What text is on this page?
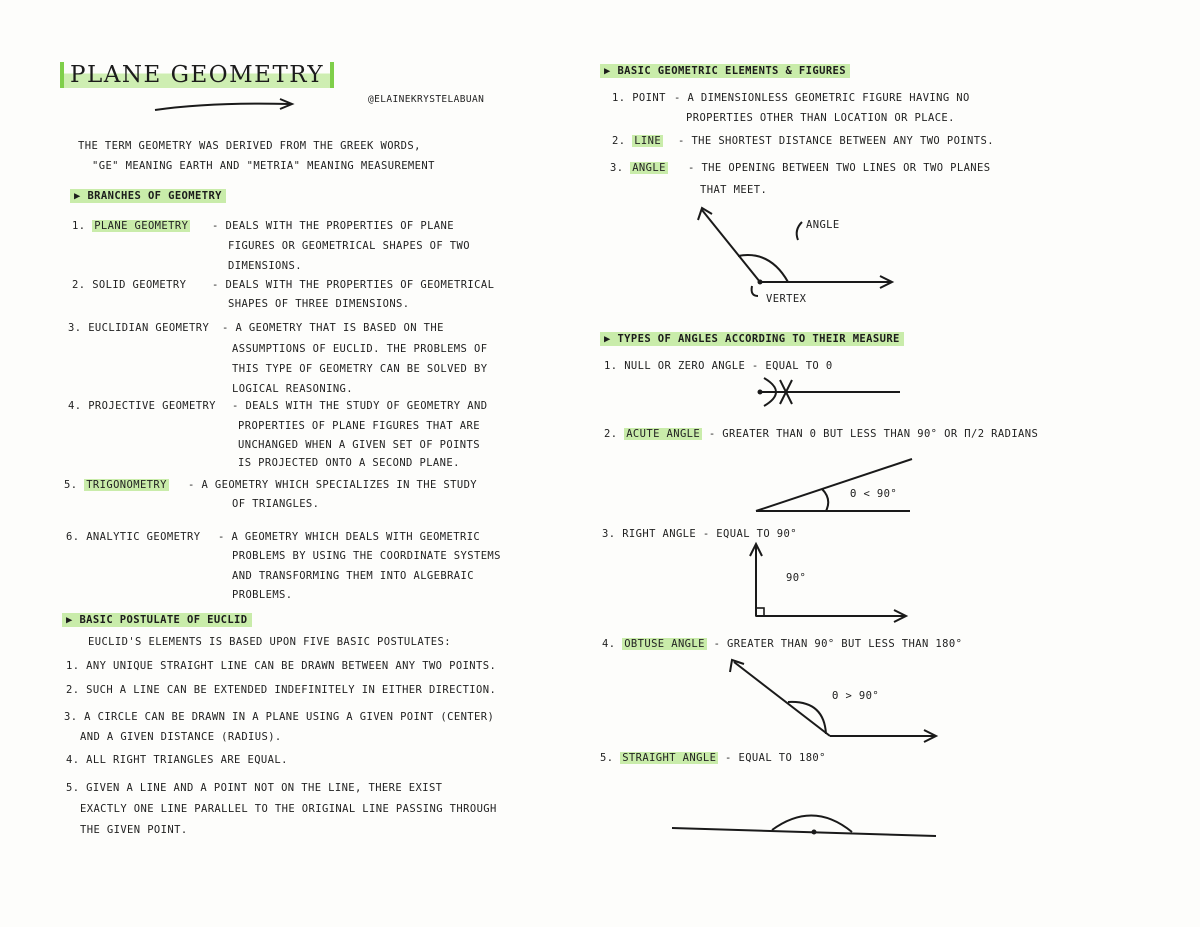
PLANE GEOMETRY
@ELAINEKRYSTELABUAN
THE TERM GEOMETRY WAS DERIVED FROM THE GREEK WORDS,
"GE" MEANING EARTH AND "METRIA" MEANING MEASUREMENT
▶ BRANCHES OF GEOMETRY
1. PLANE GEOMETRY - DEALS WITH THE PROPERTIES OF PLANE
FIGURES OR GEOMETRICAL SHAPES OF TWO
DIMENSIONS.
2. SOLID GEOMETRY - DEALS WITH THE PROPERTIES OF GEOMETRICAL
SHAPES OF THREE DIMENSIONS.
3. EUCLIDIAN GEOMETRY - A GEOMETRY THAT IS BASED ON THE
ASSUMPTIONS OF EUCLID. THE PROBLEMS OF
THIS TYPE OF GEOMETRY CAN BE SOLVED BY
LOGICAL REASONING.
4. PROJECTIVE GEOMETRY - DEALS WITH THE STUDY OF GEOMETRY AND
PROPERTIES OF PLANE FIGURES THAT ARE
UNCHANGED WHEN A GIVEN SET OF POINTS
IS PROJECTED ONTO A SECOND PLANE.
5. TRIGONOMETRY - A GEOMETRY WHICH SPECIALIZES IN THE STUDY
OF TRIANGLES.
6. ANALYTIC GEOMETRY - A GEOMETRY WHICH DEALS WITH GEOMETRIC
PROBLEMS BY USING THE COORDINATE SYSTEMS
AND TRANSFORMING THEM INTO ALGEBRAIC
PROBLEMS.
▶ BASIC POSTULATE OF EUCLID
EUCLID'S ELEMENTS IS BASED UPON FIVE BASIC POSTULATES:
1. ANY UNIQUE STRAIGHT LINE CAN BE DRAWN BETWEEN ANY TWO POINTS.
2. SUCH A LINE CAN BE EXTENDED INDEFINITELY IN EITHER DIRECTION.
3. A CIRCLE CAN BE DRAWN IN A PLANE USING A GIVEN POINT (CENTER)
AND A GIVEN DISTANCE (RADIUS).
4. ALL RIGHT TRIANGLES ARE EQUAL.
5. GIVEN A LINE AND A POINT NOT ON THE LINE, THERE EXIST
EXACTLY ONE LINE PARALLEL TO THE ORIGINAL LINE PASSING THROUGH
THE GIVEN POINT.
▶ BASIC GEOMETRIC ELEMENTS & FIGURES
1. POINT - A DIMENSIONLESS GEOMETRIC FIGURE HAVING NO
PROPERTIES OTHER THAN LOCATION OR PLACE.
2. LINE - THE SHORTEST DISTANCE BETWEEN ANY TWO POINTS.
3. ANGLE - THE OPENING BETWEEN TWO LINES OR TWO PLANES
THAT MEET.
ANGLE
VERTEX
▶ TYPES OF ANGLES ACCORDING TO THEIR MEASURE
1. NULL OR ZERO ANGLE - EQUAL TO 0
2. ACUTE ANGLE - GREATER THAN 0 BUT LESS THAN 90° OR Π/2 RADIANS
Θ < 90°
3. RIGHT ANGLE - EQUAL TO 90°
90°
4. OBTUSE ANGLE - GREATER THAN 90° BUT LESS THAN 180°
Θ > 90°
5. STRAIGHT ANGLE - EQUAL TO 180°
